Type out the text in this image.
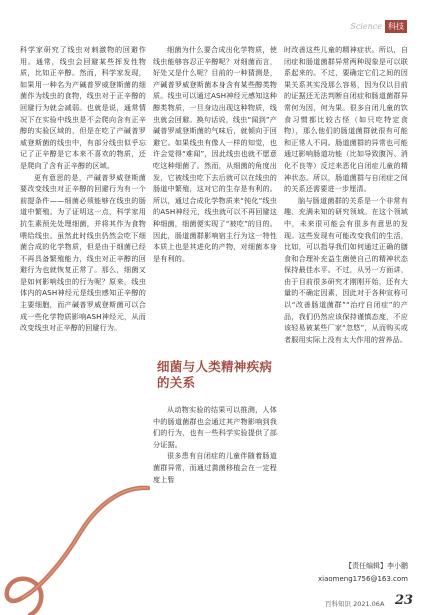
Science 科技

科学家研究了线虫对刺激物的回避作用。通常，线虫会回避某些挥发性物质，比如正辛醇。然而，科学家发现，如果用一种名为产碱普罗威登斯菌的细菌作为线虫的食物，线虫对于正辛醇的回避行为就会减弱。也就是说，通常情况下在实验中线虫是不会爬向含有正辛醇的实验区域的，但是在吃了产碱普罗威登斯菌的线虫中，有部分线虫似乎忘记了正辛醇是它本来不喜欢的物质，还是爬向了含有正辛醇的区域。

更有意思的是，产碱普罗威登斯菌要改变线虫对正辛醇的回避行为有一个前提条件——细菌必须能够在线虫的肠道中繁殖。为了证明这一点，科学家用抗生素预先处理细菌，并将其作为食物喂给线虫。虽然此时线虫仍然会吃下细菌合成的化学物质，但是由于细菌已经不再具备繁殖能力，线虫对正辛醇的回避行为也就恢复正常了。那么，细菌又是如何影响线虫的行为呢？原来，线虫体内的ASH神经元是线虫感知正辛醇的主要细胞，而产碱普罗威登斯菌可以合成一些化学物质影响ASH神经元，从而改变线虫对正辛醇的回避行为。

细菌为什么要合成出化学物质，使线虫能够容忍正辛醇呢？对细菌而言，好处又是什么呢？目前的一种猜测是，产碱普罗威登斯菌本身含有某些醇类物质。线虫可以通过ASH神经元感知这种醇类物质，一旦身边出现这种物质，线虫就会回避。换句话说，线虫“闻到”产碱普罗威登斯菌的气味后，就倾向于回避它。如果线虫有像人一样的知觉，也许会觉得“难闻”，因此线虫也就不愿意吃这种细菌了。然而，从细菌的角度出发，它被线虫吃下去后就可以在线虫的肠道中繁殖，这对它的生存是有利的。所以，通过合成化学物质来“钝化”线虫的ASH神经元，线虫就可以不再回避这种细菌，细菌便实现了“被吃”的目的。因此，肠道菌群影响宿主行为这一特性本质上也是其进化的产物，对细菌本身是有利的。

细菌与人类精神疾病的关系

从动物实验的结果可以推测，人体中的肠道菌群也会通过其产物影响到我们的行为，也有一些科学实验提供了部分证据。

很多患有自闭症的儿童伴随着肠道菌群异常，而通过粪菌移植会在一定程度上暂

时改善这些儿童的精神症状。所以，自闭症和肠道菌群异常两种现象是可以联系起来的。不过，要确定它们之间的因果关系其实没那么容易，因为仅以目前的证据还无法判断自闭症和肠道菌群异常何为因，何为果。很多自闭儿童的饮食习惯都比较古怪（如只吃特定食物），那么他们的肠道菌群就很有可能和正常人不同。肠道菌群的异常也可能通过影响肠道功能（比如导致腹泻、消化不良等）反过来恶化自闭症儿童的精神状态。所以，肠道菌群与自闭症之间的关系还需要进一步厘清。

脑与肠道菌群的关系是一个非常有趣、充满未知的研究领域。在这个领域中，未来很可能会有很多有意思的发现。这些发现有可能改变我们的生活，比如，可以指导我们如何通过正确的膳食和合理补充益生菌使自己的精神状态保持最佳水平。不过，从另一方面讲，由于目前很多研究才刚刚开始，还有大量的不确定因素，因此对于各种宣称可以“改善肠道菌群”“治疗自闭症”的产品，我们仍然应该保持谨慎态度，不应该轻易被某些厂家“忽悠”，从而购买或者服用实际上没有太大作用的营养品。

【责任编辑】李小鹏
xiaomeng1756@163.com
百科知识 2021.06A 23
